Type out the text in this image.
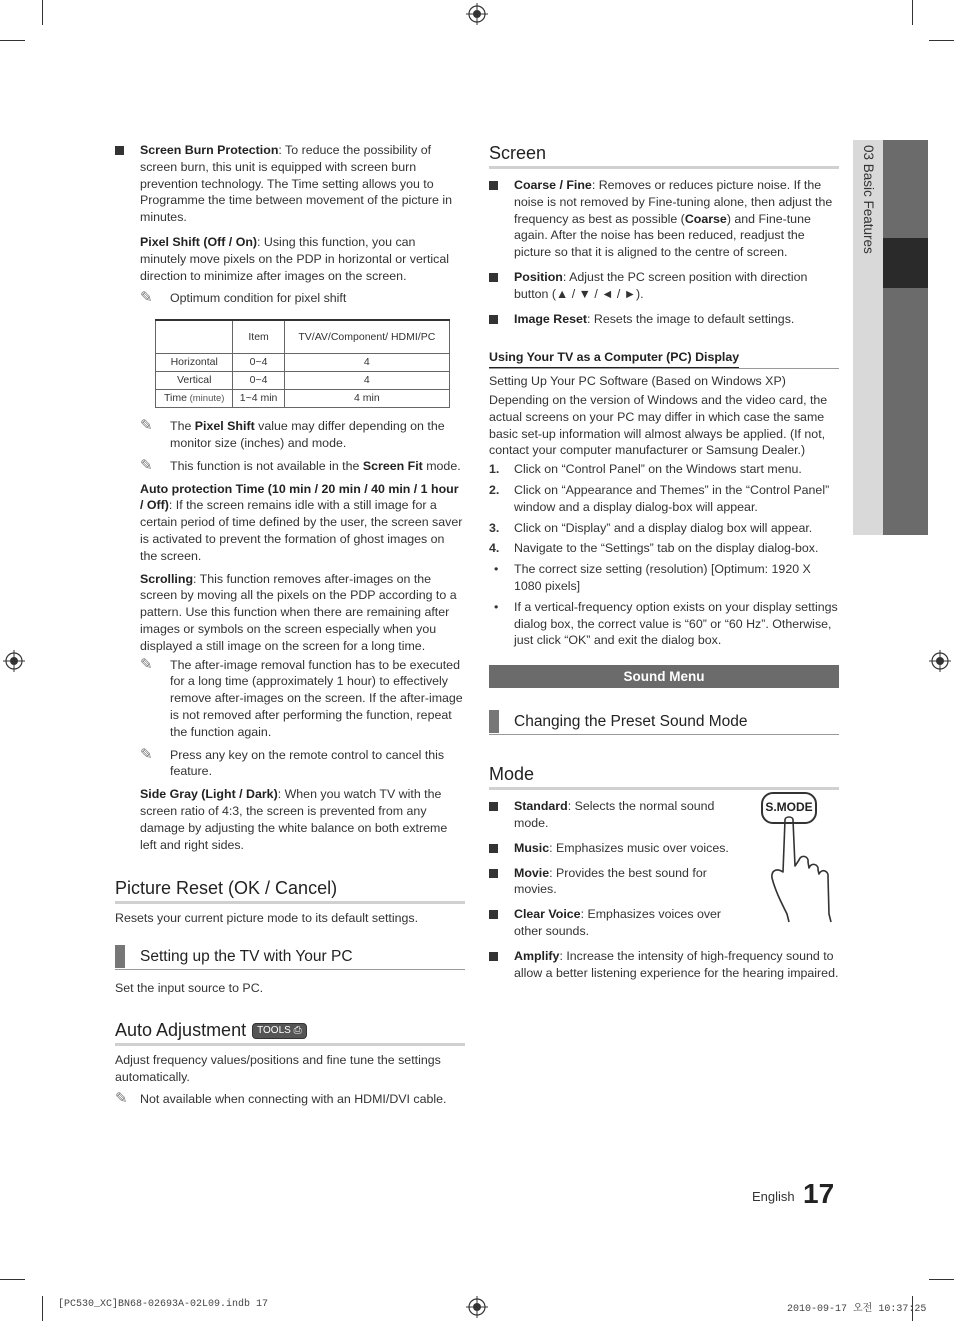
03 Basic Features
Screen Burn Protection: To reduce the possibility of screen burn, this unit is equipped with screen burn prevention technology. The Time setting allows you to Programme the time between movement of the picture in minutes.
Pixel Shift (Off / On): Using this function, you can minutely move pixels on the PDP in horizontal or vertical direction to minimize after images on the screen.
✎ Optimum condition for pixel shift
	Item	TV/AV/Component/ HDMI/PC
Horizontal	0~4	4
Vertical	0~4	4
Time (minute)	1~4 min	4 min
✎ The Pixel Shift value may differ depending on the monitor size (inches) and mode.
✎ This function is not available in the Screen Fit mode.
Auto protection Time (10 min / 20 min / 40 min / 1 hour / Off): If the screen remains idle with a still image for a certain period of time defined by the user, the screen saver is activated to prevent the formation of ghost images on the screen.
Scrolling: This function removes after-images on the screen by moving all the pixels on the PDP according to a pattern. Use this function when there are remaining after images or symbols on the screen especially when you displayed a still image on the screen for a long time.
✎ The after-image removal function has to be executed for a long time (approximately 1 hour) to effectively remove after-images on the screen. If the after-image is not removed after performing the function, repeat the function again.
✎ Press any key on the remote control to cancel this feature.
Side Gray (Light / Dark): When you watch TV with the screen ratio of 4:3, the screen is prevented from any damage by adjusting the white balance on both extreme left and right sides.
Picture Reset (OK / Cancel)
Resets your current picture mode to its default settings.
Setting up the TV with Your PC
Set the input source to PC.
Auto Adjustment TOOLS ⎙
Adjust frequency values/positions and fine tune the settings automatically.
✎ Not available when connecting with an HDMI/DVI cable.
Screen
Coarse / Fine: Removes or reduces picture noise. If the noise is not removed by Fine-tuning alone, then adjust the frequency as best as possible (Coarse) and Fine-tune again. After the noise has been reduced, readjust the picture so that it is aligned to the centre of screen.
Position: Adjust the PC screen position with direction button (▲ / ▼ / ◄ / ►).
Image Reset: Resets the image to default settings.
Using Your TV as a Computer (PC) Display
Setting Up Your PC Software (Based on Windows XP)
Depending on the version of Windows and the video card, the actual screens on your PC may differ in which case the same basic set-up information will almost always be applied. (If not, contact your computer manufacturer or Samsung Dealer.)
1. Click on “Control Panel” on the Windows start menu.
2. Click on “Appearance and Themes” in the “Control Panel” window and a display dialog-box will appear.
3. Click on “Display” and a display dialog box will appear.
4. Navigate to the “Settings” tab on the display dialog-box.
• The correct size setting (resolution) [Optimum: 1920 X 1080 pixels]
• If a vertical-frequency option exists on your display settings dialog box, the correct value is “60” or “60 Hz”. Otherwise, just click “OK” and exit the dialog box.
Sound Menu
Changing the Preset Sound Mode
Mode
Standard: Selects the normal sound mode.
Music: Emphasizes music over voices.
Movie: Provides the best sound for movies.
Clear Voice: Emphasizes voices over other sounds.
S.MODE
Amplify: Increase the intensity of high-frequency sound to allow a better listening experience for the hearing impaired.
English 17
[PC530_XC]BN68-02693A-02L09.indb 17	2010-09-17 오전 10:37:25
